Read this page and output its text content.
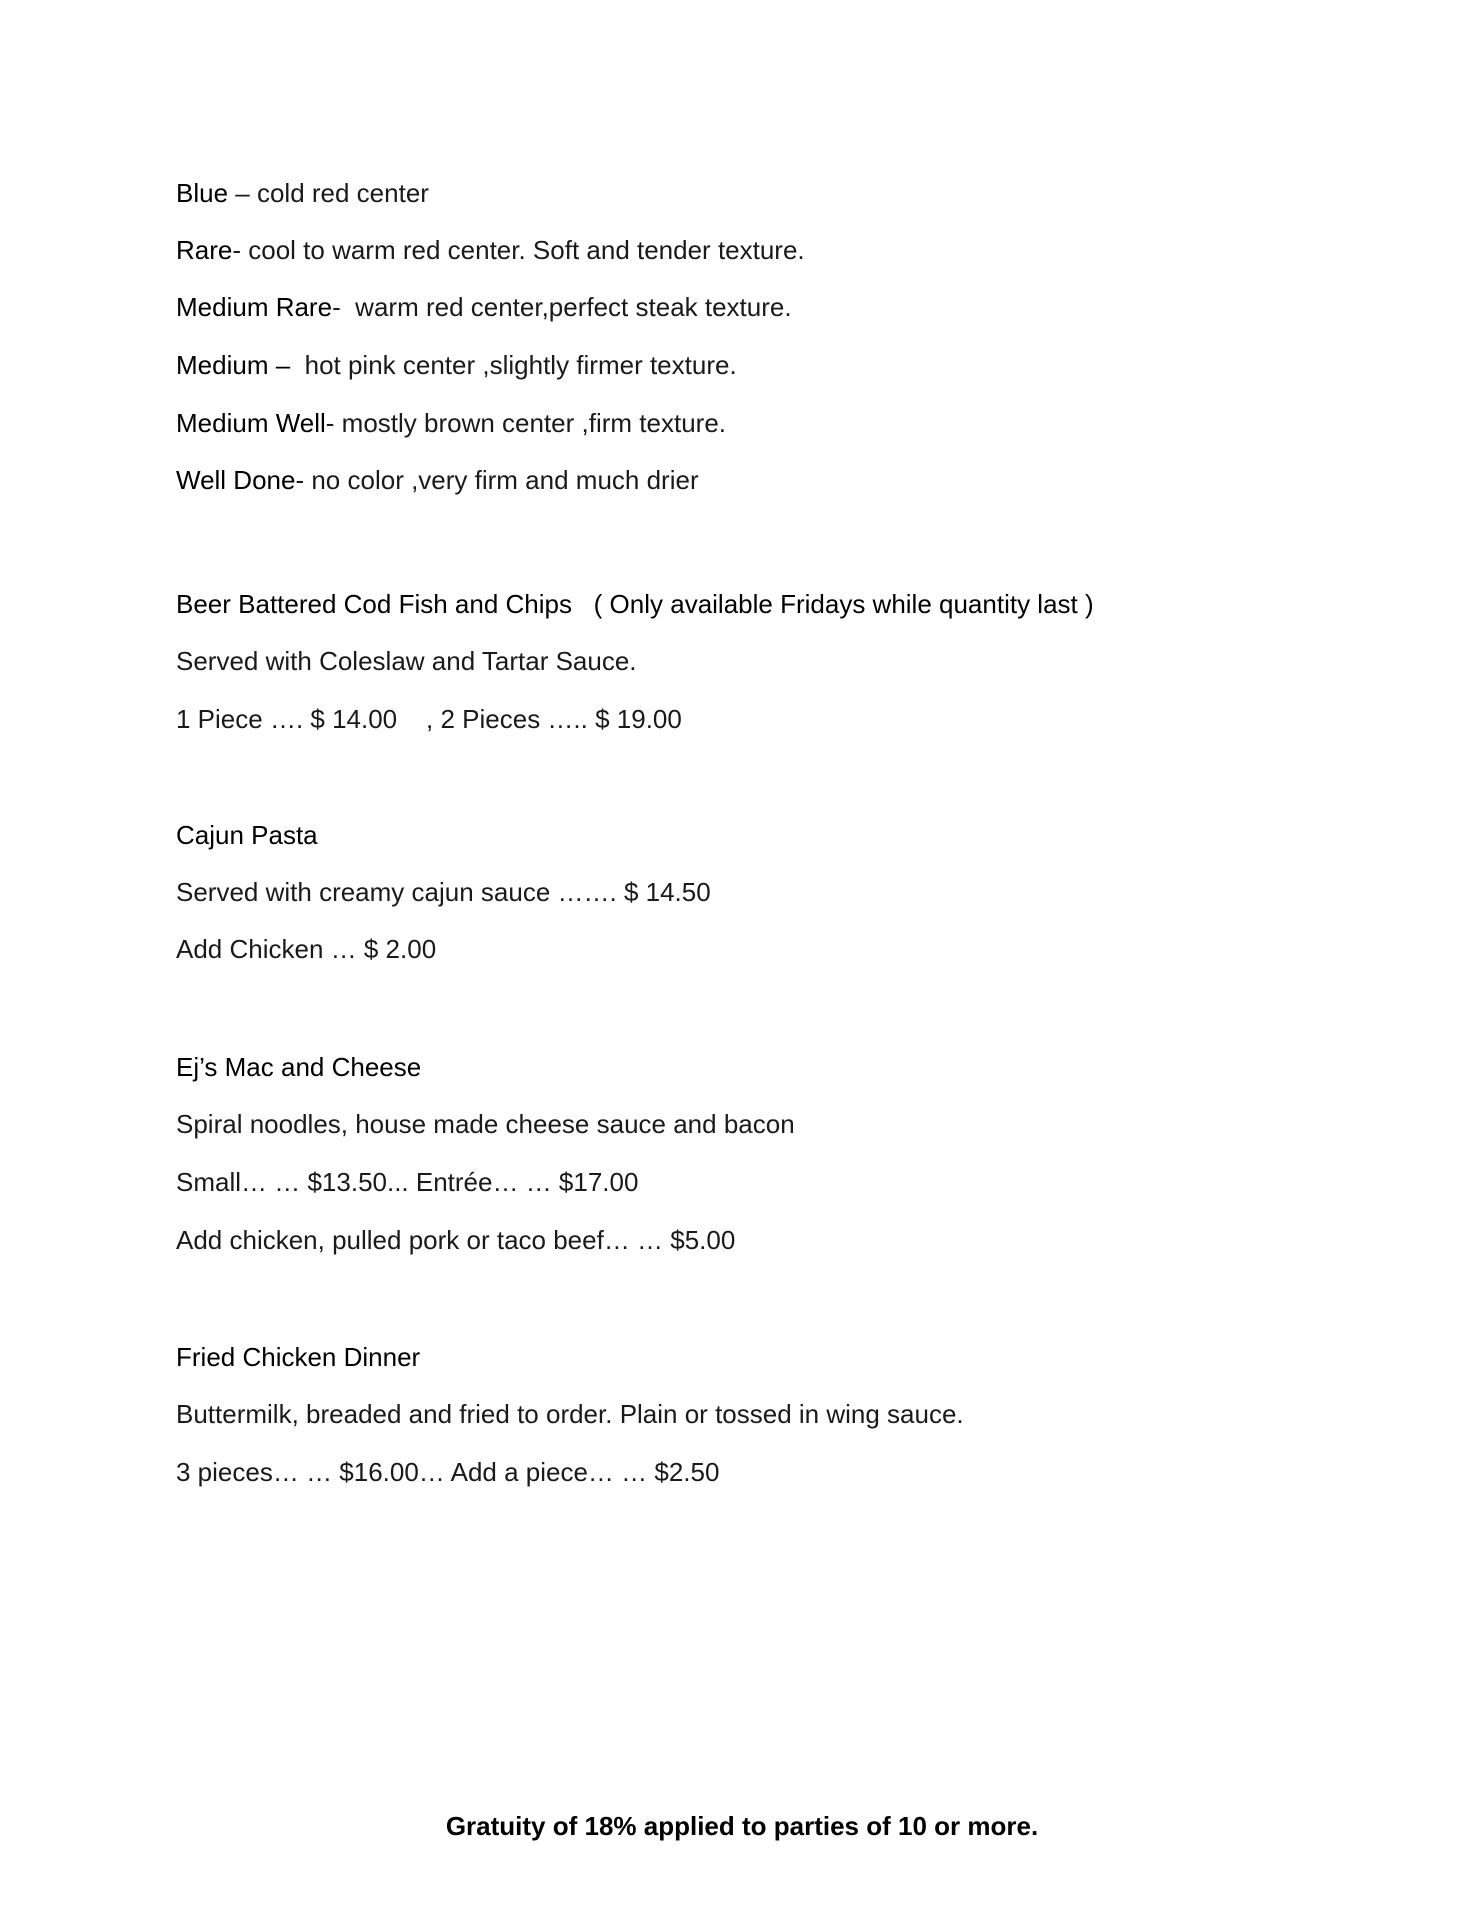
Blue – cold red center
Rare- cool to warm red center. Soft and tender texture.
Medium Rare-  warm red center,perfect steak texture.
Medium –  hot pink center ,slightly firmer texture.
Medium Well- mostly brown center ,firm texture.
Well Done- no color ,very firm and much drier
Beer Battered Cod Fish and Chips   ( Only available Fridays while quantity last )
Served with Coleslaw and Tartar Sauce.
1 Piece …. $ 14.00    , 2 Pieces ….. $ 19.00
Cajun Pasta
Served with creamy cajun sauce ……. $ 14.50
Add Chicken … $ 2.00
Ej’s Mac and Cheese
Spiral noodles, house made cheese sauce and bacon
Small… … $13.50... Entrée… … $17.00
Add chicken, pulled pork or taco beef… … $5.00
Fried Chicken Dinner
Buttermilk, breaded and fried to order. Plain or tossed in wing sauce.
3 pieces… … $16.00… Add a piece… … $2.50
Gratuity of 18% applied to parties of 10 or more.
